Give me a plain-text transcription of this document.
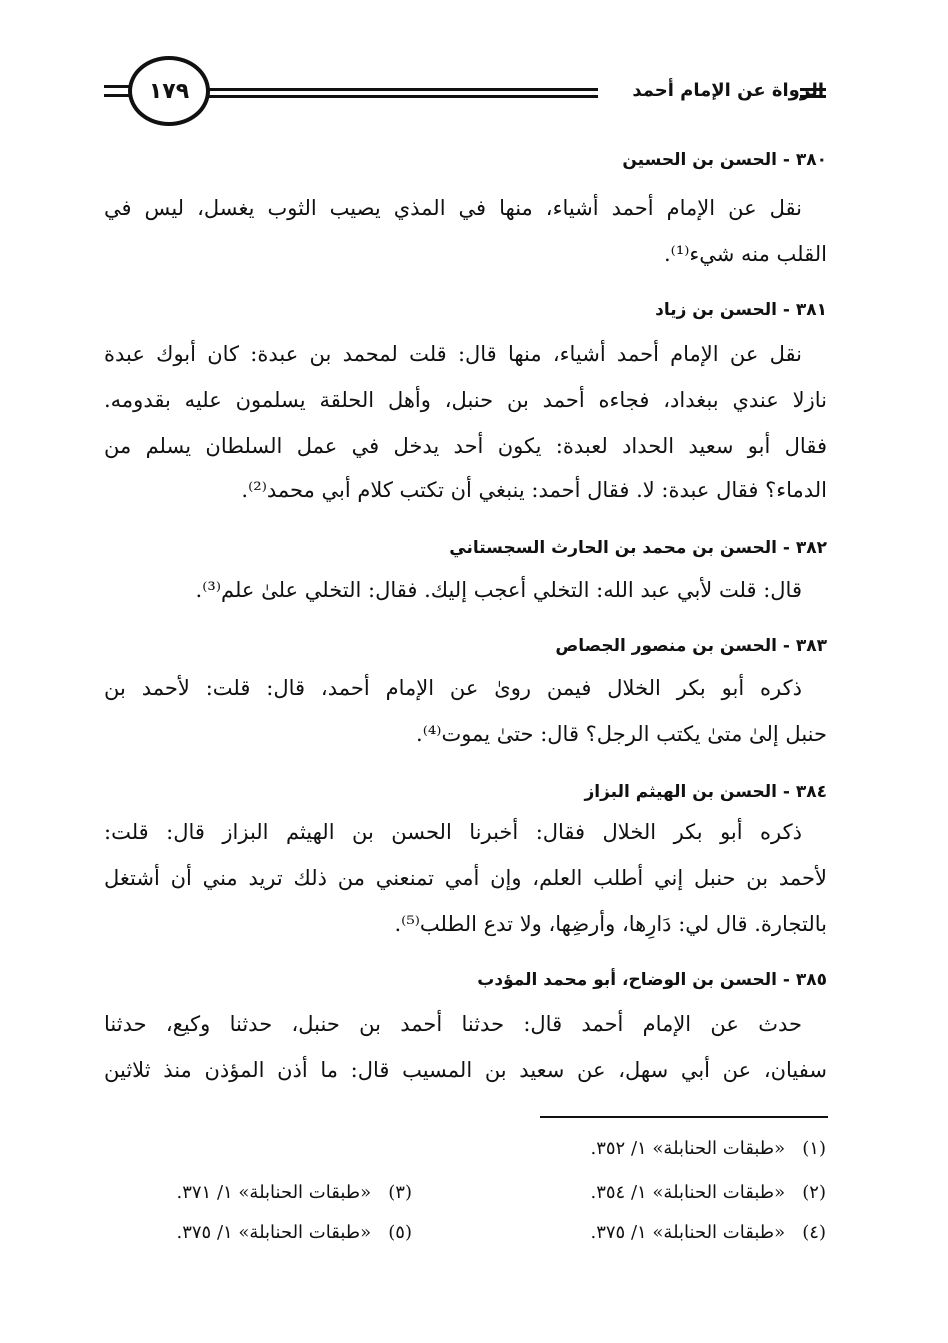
١٧٩	الرواة عن الإمام أحمد
٣٨٠ - الحسن بن الحسين
نقل عن الإمام أحمد أشياء، منها في المذي يصيب الثوب يغسل، ليس في
القلب منه شيء⁽¹⁾.
٣٨١ - الحسن بن زياد
نقل عن الإمام أحمد أشياء، منها قال: قلت لمحمد بن عبدة: كان أبوك عبدة
نازلا عندي ببغداد، فجاءه أحمد بن حنبل، وأهل الحلقة يسلمون عليه بقدومه.
فقال أبو سعيد الحداد لعبدة: يكون أحد يدخل في عمل السلطان يسلم من
الدماء؟ فقال عبدة: لا. فقال أحمد: ينبغي أن تكتب كلام أبي محمد⁽²⁾.
٣٨٢ - الحسن بن محمد بن الحارث السجستاني
قال: قلت لأبي عبد الله: التخلي أعجب إليك. فقال: التخلي علىٰ علم⁽³⁾.
٣٨٣ - الحسن بن منصور الجصاص
ذكره أبو بكر الخلال فيمن روىٰ عن الإمام أحمد، قال: قلت: لأحمد بن
حنبل إلىٰ متىٰ يكتب الرجل؟ قال: حتىٰ يموت⁽⁴⁾.
٣٨٤ - الحسن بن الهيثم البزاز
ذكره أبو بكر الخلال فقال: أخبرنا الحسن بن الهيثم البزاز قال: قلت:
لأحمد بن حنبل إني أطلب العلم، وإن أمي تمنعني من ذلك تريد مني أن أشتغل
بالتجارة. قال لي: دَارِها، وأرضِها، ولا تدع الطلب⁽⁵⁾.
٣٨٥ - الحسن بن الوضاح، أبو محمد المؤدب
حدث عن الإمام أحمد قال: حدثنا أحمد بن حنبل، حدثنا وكيع، حدثنا
سفيان، عن أبي سهل، عن سعيد بن المسيب قال: ما أذن المؤذن منذ ثلاثين
(١)   «طبقات الحنابلة» ١/ ٣٥٢.
(٢)   «طبقات الحنابلة» ١/ ٣٥٤.
(٣)   «طبقات الحنابلة» ١/ ٣٧١.
(٤)   «طبقات الحنابلة» ١/ ٣٧٥.
(٥)   «طبقات الحنابلة» ١/ ٣٧٥.
